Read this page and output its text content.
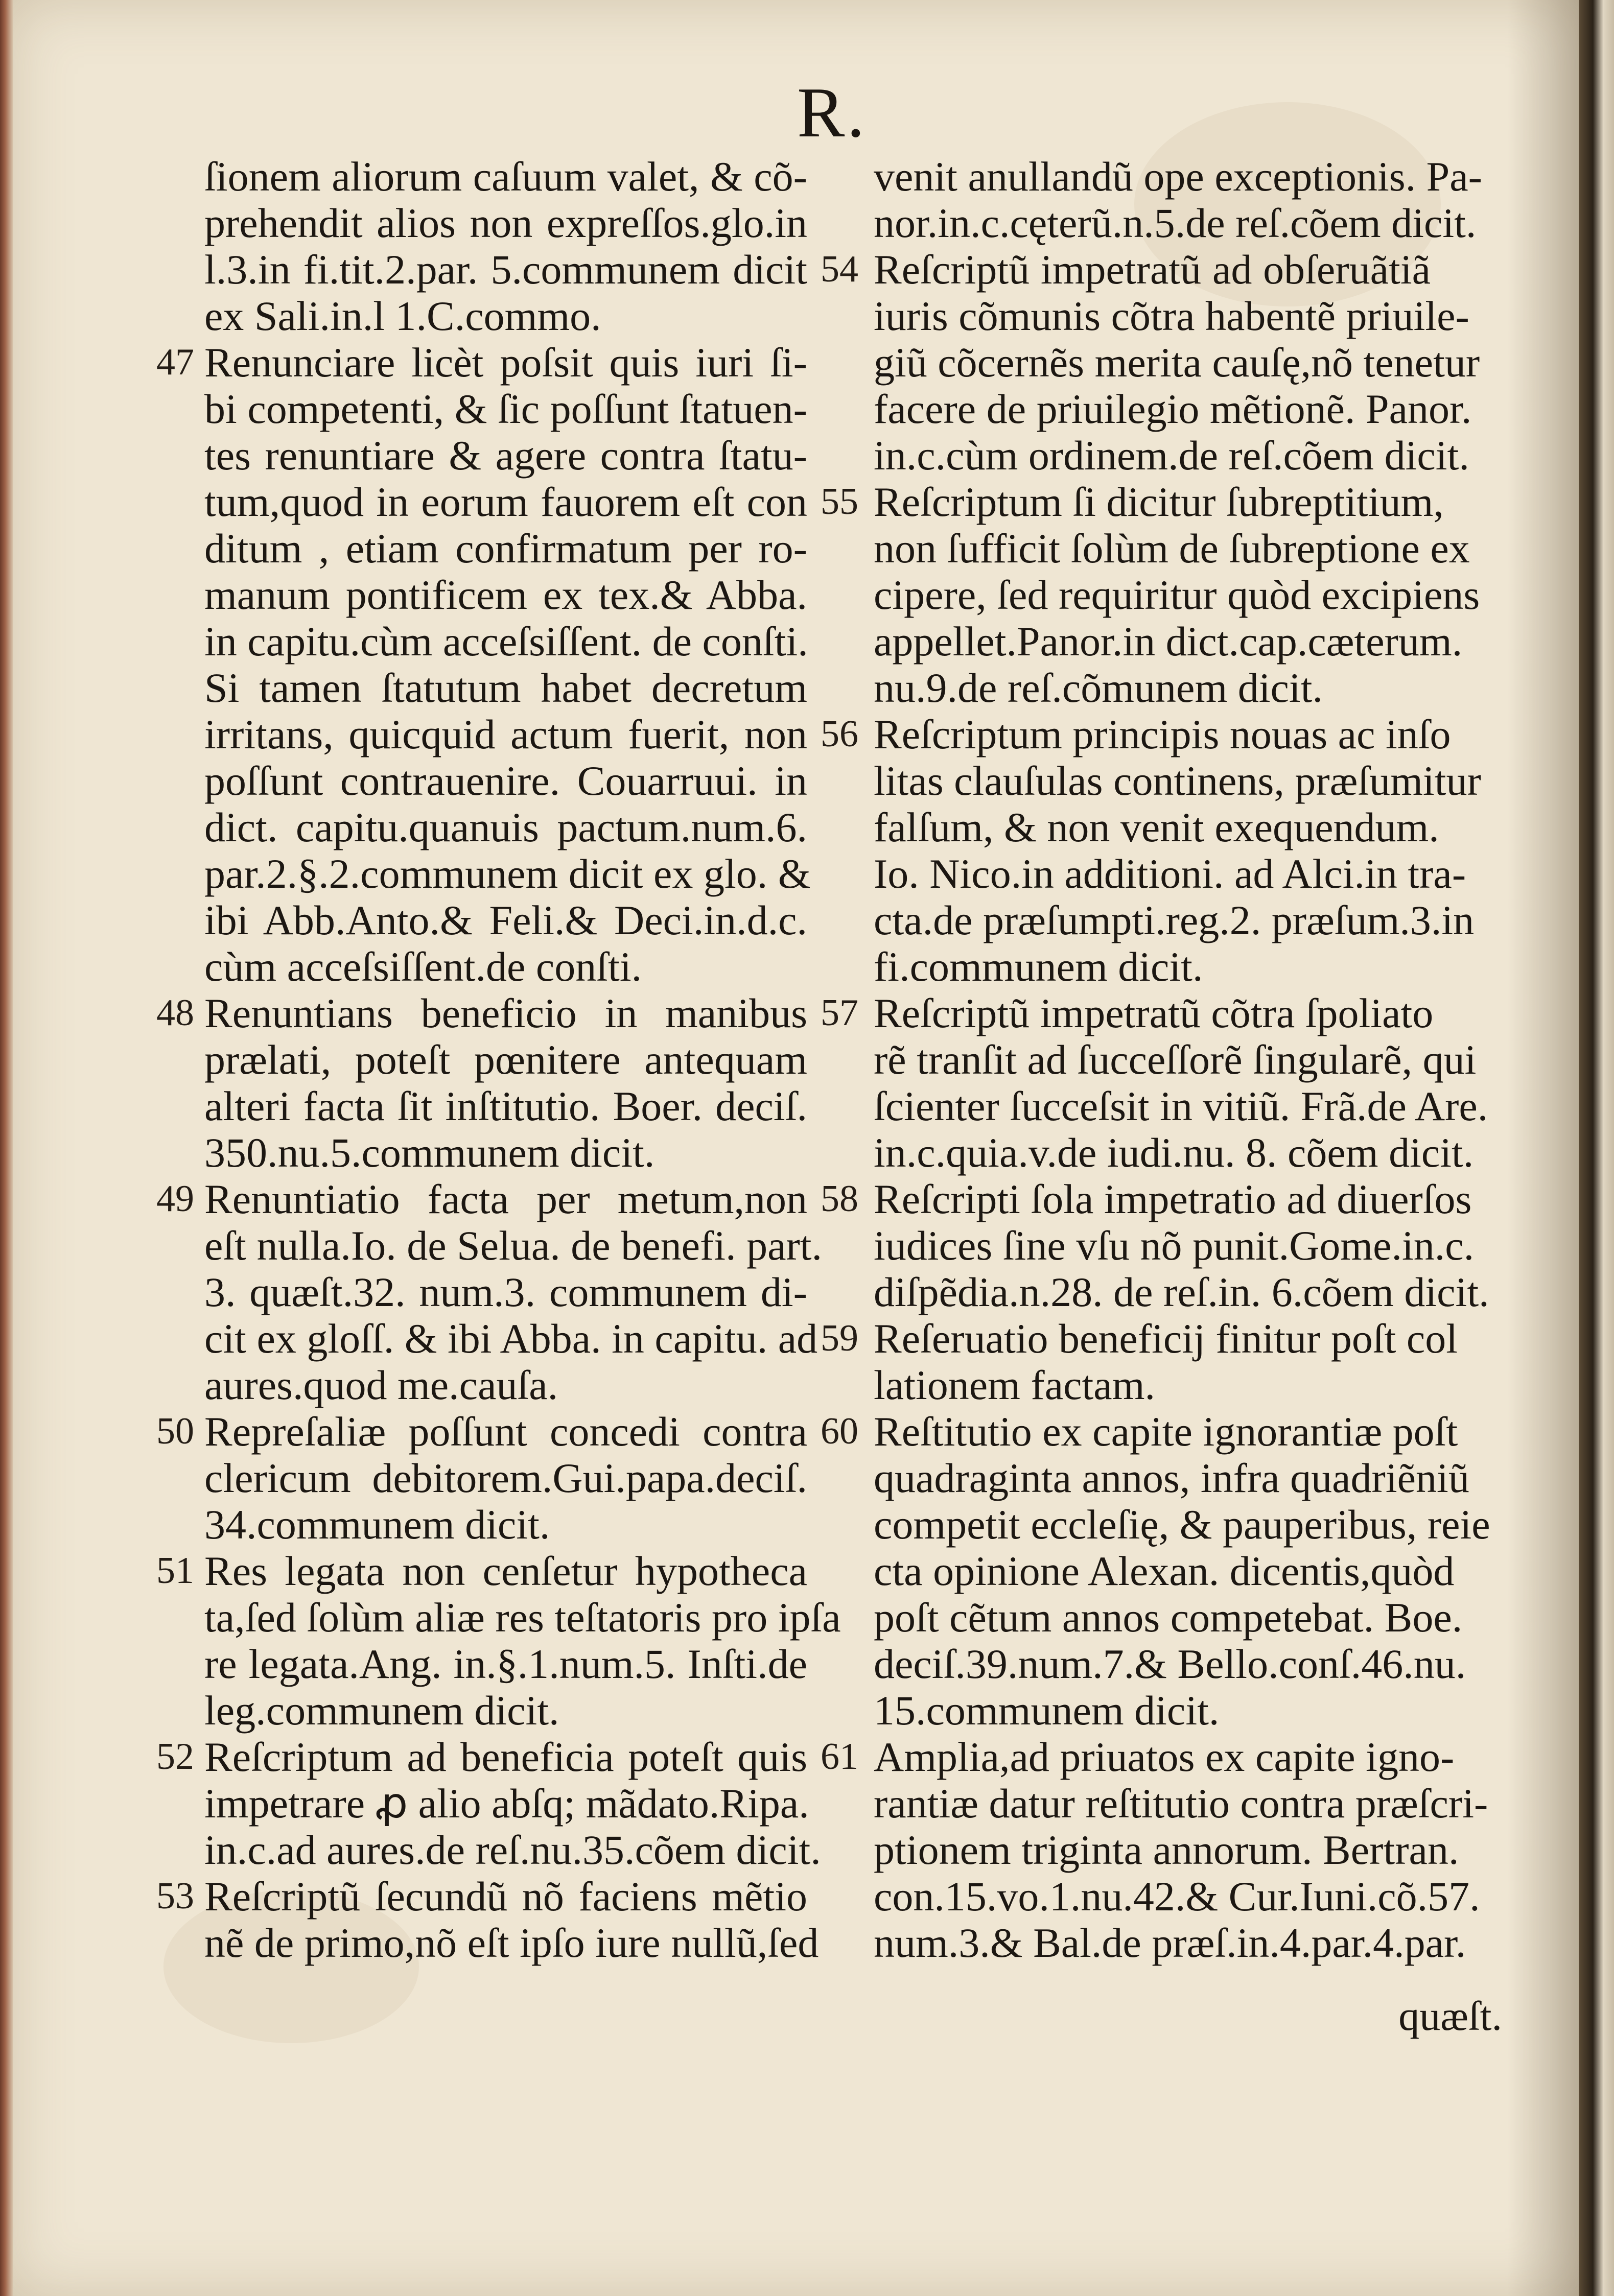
R.
ſionem aliorum caſuum valet, & cõ-
prehendit alios non expreſſos.glo.in
l.3.in fi.tit.2.par. 5.communem dicit
ex Sali.in.l 1.C.commo.
47 Renunciare licèt poſsit quis iuri ſi-
bi competenti, & ſic poſſunt ſtatuen-
tes renuntiare & agere contra ſtatu-
tum,quod in eorum fauorem eſt con
ditum , etiam confirmatum per ro-
manum pontificem ex tex.& Abba.
in capitu.cùm acceſsiſſent. de conſti.
Si tamen ſtatutum habet decretum
irritans, quicquid actum fuerit, non
poſſunt contrauenire. Couarruui. in
dict. capitu.quanuis pactum.num.6.
par.2.§.2.communem dicit ex glo. &
ibi Abb.Anto.& Feli.& Deci.in.d.c.
cùm acceſsiſſent.de conſti.
48 Renuntians beneficio in manibus
prælati, poteſt pœnitere antequam
alteri facta ſit inſtitutio. Boer. deciſ.
350.nu.5.communem dicit.
49 Renuntiatio facta per metum,non
eſt nulla.Io. de Selua. de benefi. part.
3. quæſt.32. num.3. communem di-
cit ex gloſſ. & ibi Abba. in capitu. ad
aures.quod me.cauſa.
50 Repreſaliæ poſſunt concedi contra
clericum debitorem.Gui.papa.deciſ.
34.communem dicit.
51 Res legata non cenſetur hypotheca
ta,ſed ſolùm aliæ res teſtatoris pro ipſa
re legata.Ang. in.§.1.num.5. Inſti.de
leg.communem dicit.
52 Reſcriptum ad beneficia poteſt quis
impetrare ꝓ alio abſq; mãdato.Ripa.
in.c.ad aures.de reſ.nu.35.cõem dicit.
53 Reſcriptũ ſecundũ nõ faciens mẽtio
nẽ de primo,nõ eſt ipſo iure nullũ,ſed
venit anullandũ ope exceptionis. Pa-
nor.in.c.cęterũ.n.5.de reſ.cõem dicit.
54 Reſcriptũ impetratũ ad obſeruãtiã
iuris cõmunis cõtra habentẽ priuile-
giũ cõcernẽs merita cauſę,nõ tenetur
facere de priuilegio mẽtionẽ. Panor.
in.c.cùm ordinem.de reſ.cõem dicit.
55 Reſcriptum ſi dicitur ſubreptitium,
non ſufficit ſolùm de ſubreptione ex
cipere, ſed requiritur quòd excipiens
appellet.Panor.in dict.cap.cæterum.
nu.9.de reſ.cõmunem dicit.
56 Reſcriptum principis nouas ac inſo
litas clauſulas continens, præſumitur
falſum, & non venit exequendum.
Io. Nico.in additioni. ad Alci.in tra-
cta.de præſumpti.reg.2. præſum.3.in
fi.communem dicit.
57 Reſcriptũ impetratũ cõtra ſpoliato
rẽ tranſit ad ſucceſſorẽ ſingularẽ, qui
ſcienter ſucceſsit in vitiũ. Frã.de Are.
in.c.quia.v.de iudi.nu. 8. cõem dicit.
58 Reſcripti ſola impetratio ad diuerſos
iudices ſine vſu nõ punit.Gome.in.c.
diſpẽdia.n.28. de reſ.in. 6.cõem dicit.
59 Reſeruatio beneficij finitur poſt col
lationem factam.
60 Reſtitutio ex capite ignorantiæ poſt
quadraginta annos, infra quadriẽniũ
competit eccleſię, & pauperibus, reie
cta opinione Alexan. dicentis,quòd
poſt cẽtum annos competebat. Boe.
deciſ.39.num.7.& Bello.conſ.46.nu.
15.communem dicit.
61 Amplia,ad priuatos ex capite igno-
rantiæ datur reſtitutio contra præſcri-
ptionem triginta annorum. Bertran.
con.15.vo.1.nu.42.& Cur.Iuni.cõ.57.
num.3.& Bal.de præſ.in.4.par.4.par.
quæſt.
